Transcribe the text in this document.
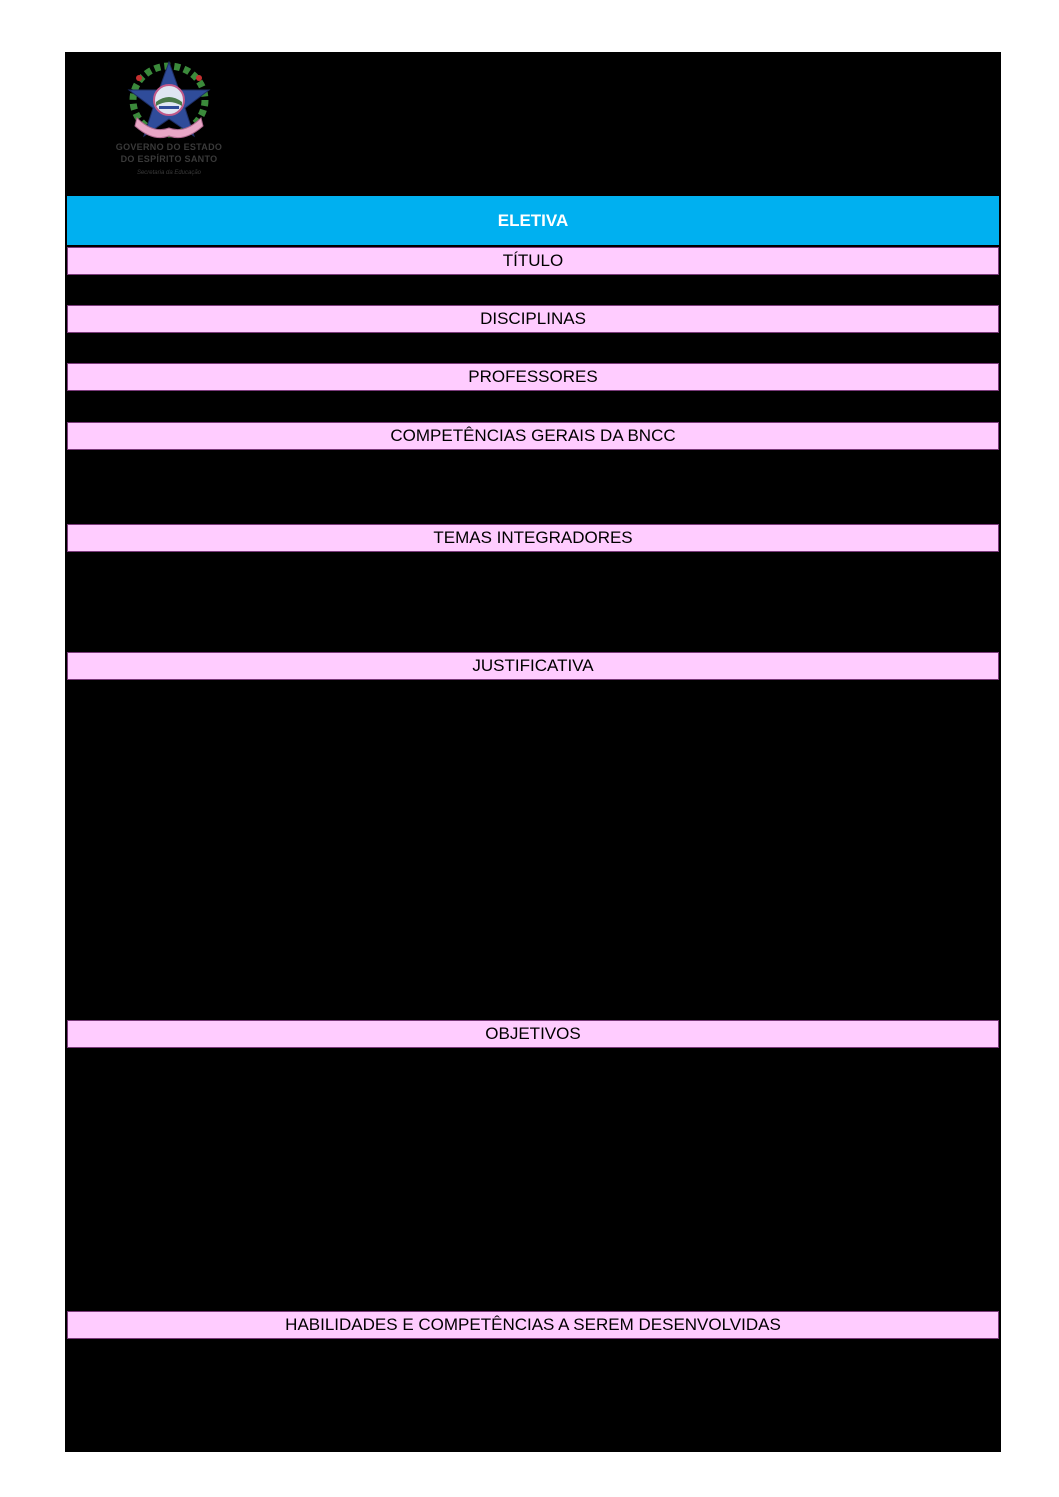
GOVERNO DO ESTADO
DO ESPÍRITO SANTO
Secretaria da Educação
ELETIVA
TÍTULO
DISCIPLINAS
PROFESSORES
COMPETÊNCIAS GERAIS DA BNCC
TEMAS INTEGRADORES
JUSTIFICATIVA
OBJETIVOS
HABILIDADES E COMPETÊNCIAS A SEREM DESENVOLVIDAS
